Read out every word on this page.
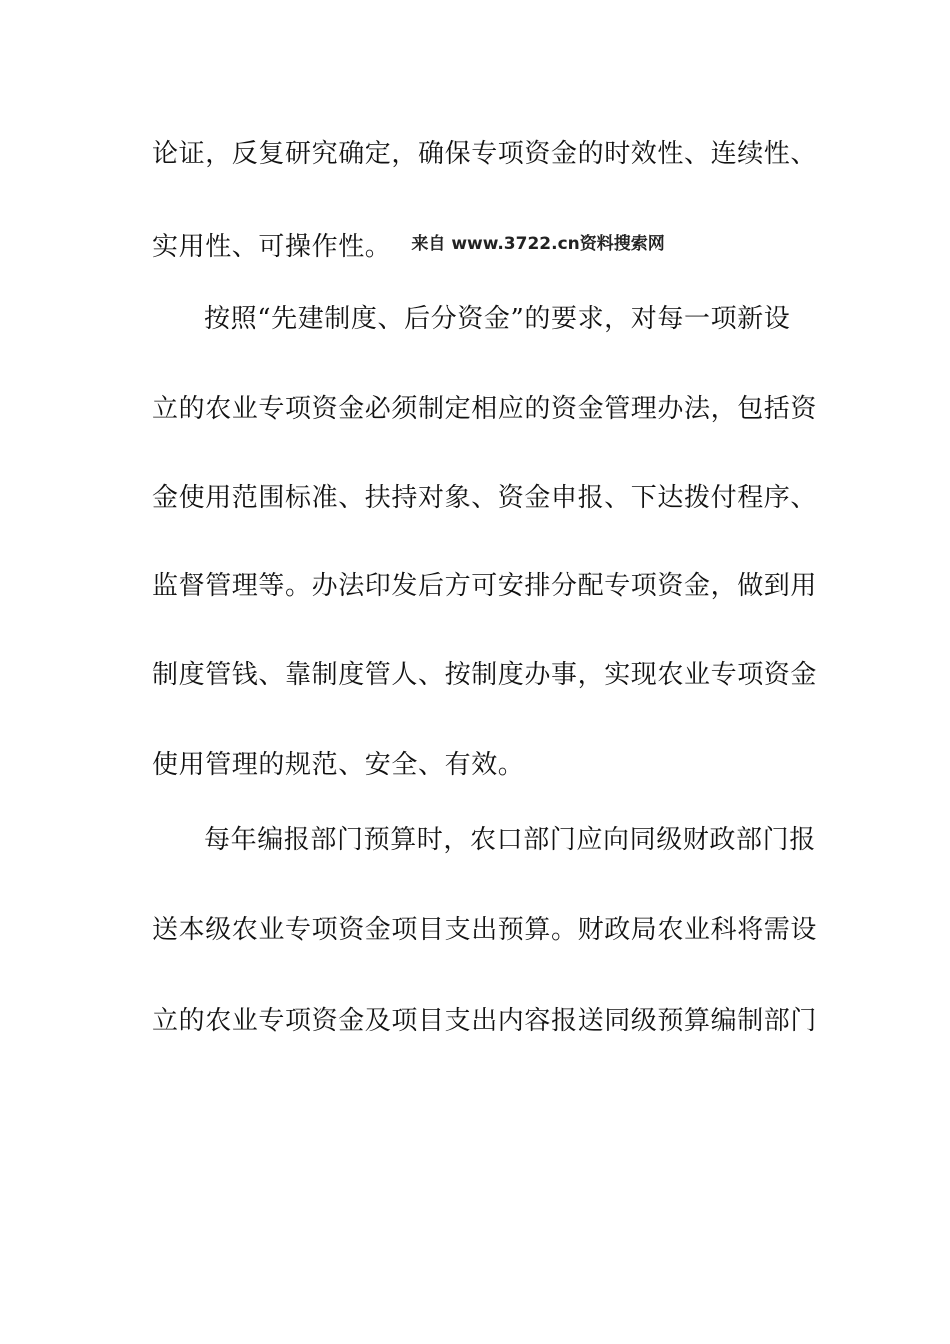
论证，反复研究确定，确保专项资金的时效性、连续性、
实用性、可操作性。 $^{来自 www.3722.cn资料搜索网}$
按照“先建制度、后分资金”的要求，对每一项新设
立的农业专项资金必须制定相应的资金管理办法，包括资
金使用范围标准、扶持对象、资金申报、下达拨付程序、
监督管理等。办法印发后方可安排分配专项资金，做到用
制度管钱、靠制度管人、按制度办事，实现农业专项资金
使用管理的规范、安全、有效。
每年编报部门预算时，农口部门应向同级财政部门报
送本级农业专项资金项目支出预算。财政局农业科将需设
立的农业专项资金及项目支出内容报送同级预算编制部门
